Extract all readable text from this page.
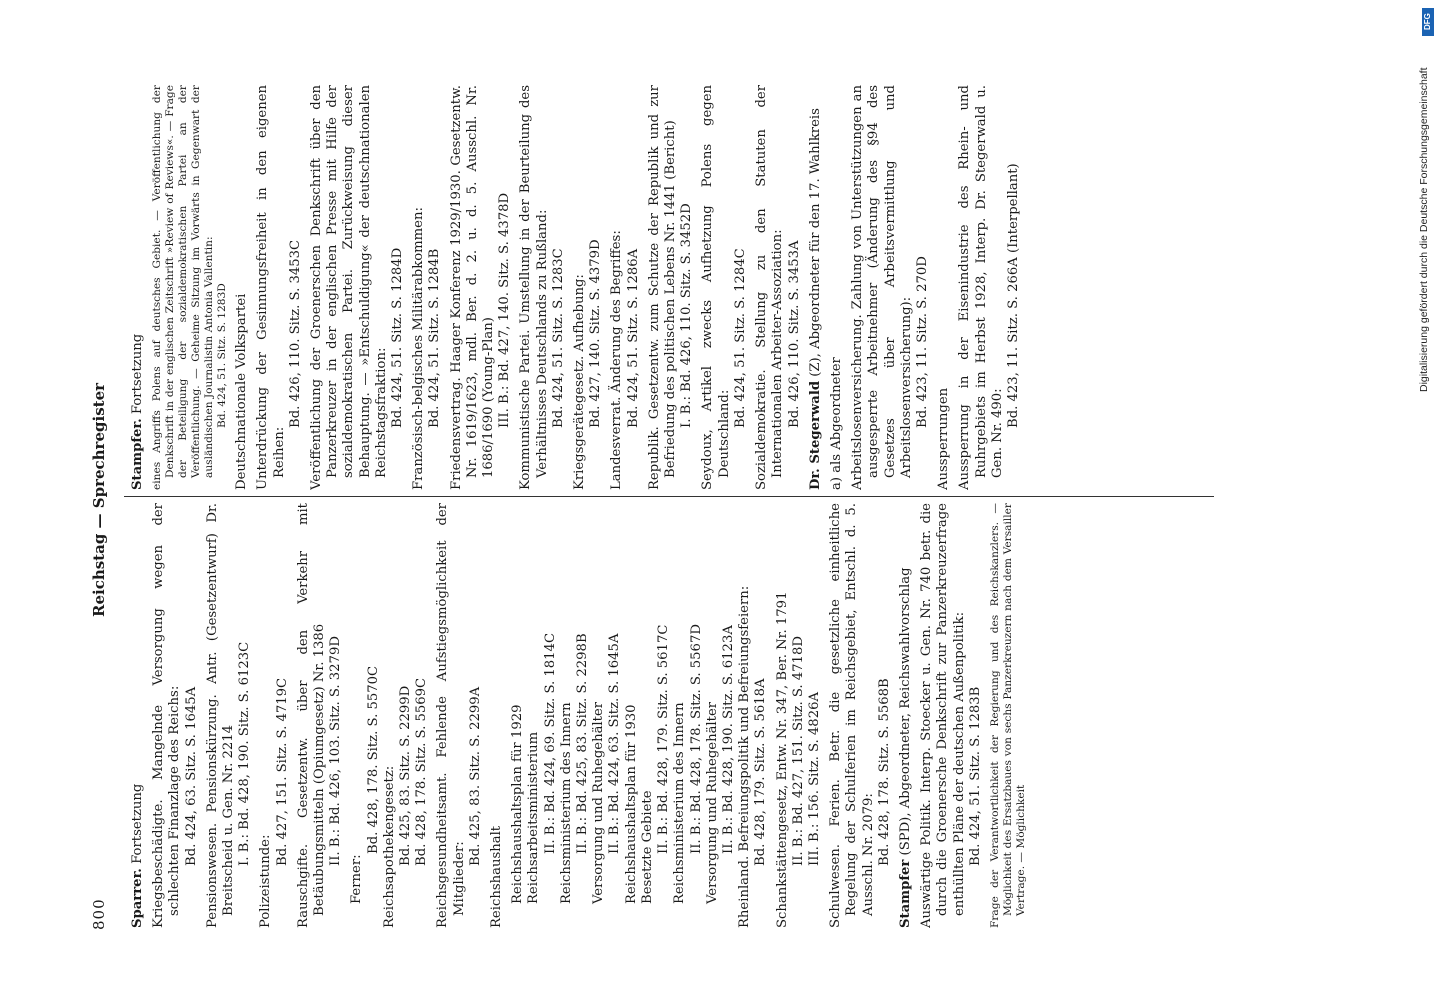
800
Reichstag — Sprechregister
Sparrer. Fortsetzung Kriegsbeschädigte. Mangelnde Versorgung wegen der schlechten Finanzlage des Reichs: Bd. 424, 63. Sitz. S. 1645A Pensionswesen. Pensionskürzung. Antr. (Gesetzentwurf) Dr. Breitscheid u. Gen. Nr. 2214 I. B.: Bd. 428, 190. Sitz. S. 6123C
Polizeistunde:
Bd. 427, 151. Sitz. S. 4719C Rauschgifte. Gesetzentw. über den Verkehr mit Betäubungsmitteln (Opiumgesetz) Nr. 1386 II. B.: Bd. 426, 103. Sitz. S. 3279D
Ferner:
Bd. 428, 178. Sitz. S. 5570C Reichsapothekengesetz: Bd. 425, 83. Sitz. S. 2299D Bd. 428, 178. Sitz. S. 5569C Reichsgesundheitsamt. Fehlende Aufstiegsmöglichkeit der Mitglieder:
Bd. 425, 83. Sitz. S. 2299A
Reichshaushalt Reichshaushaltsplan für 1929 Reichsarbeitsministerium II. B.: Bd. 424, 69. Sitz. S. 1814C Reichsministerium des Innern II. B.: Bd. 425, 83. Sitz. S. 2298B Versorgung und Ruhegehälter II. B.: Bd. 424, 63. Sitz. S. 1645A Reichshaushaltsplan für 1930 Besetzte Gebiete II. B.: Bd. 428, 179. Sitz. S. 5617C Reichsministerium des Innern II. B.: Bd. 428, 178. Sitz. S. 5567D Versorgung und Ruhegehälter II. B.: Bd. 428, 190. Sitz. S. 6123A Rheinland. Befreiungspolitik und Befreiungsfeiern: Bd. 428, 179. Sitz. S. 5618A Schankstättengesetz, Entw. Nr. 347, Ber. Nr. 1791 II. B.: Bd. 427, 151. Sitz. S. 4718D III. B.: 156. Sitz. S. 4826A Schulwesen. Ferien. Betr. die gesetzliche einheitliche Regelung der Schulferien im Reichsgebiet, Entschl. d. 5. Ausschl. Nr. 2079: Bd. 428, 178. Sitz. S. 5568B
Stampfer (SPD), Abgeordneter, Reichswahlvorschlag Auswärtige Politik. Interp. Stoecker u. Gen. Nr. 740 betr. die durch die Groenersche Denkschrift zur Panzerkreuzerfrage enthüllten Pläne der deutschen Außenpolitik: Bd. 424, 51. Sitz. S. 1283B Frage der Verantwortlichkeit der Regierung und des Reichskanzlers. — Möglichkeit des Ersatzbaues von sechs Panzerkreuzern nach dem Versailler Vertrage. — Möglichkeit
Stampfer. Fortsetzung eines Angriffs Polens auf deutsches Gebiet. — Veröffentlichung der Denkschrift in der englischen Zeitschrift »Review of Reviews«. — Frage der Beteiligung der sozialdemokratischen Partei an der Veröffentlichung. — Geheime Sitzung im Vorwärts in Gegenwart der ausländischen Journalistin Antonia Vallentin: Bd. 424, 51. Sitz. S. 1283D Deutschnationale Volkspartei Unterdrückung der Gesinnungsfreiheit in den eigenen Reihen:
Bd. 426, 110. Sitz. S. 3453C Veröffentlichung der Groenerschen Denkschrift über den Panzerkreuzer in der englischen Presse mit Hilfe der sozialdemokratischen Partei. Zurückweisung dieser Behauptung. — »Entschuldigung« der deutschnationalen Reichstagsfraktion: Bd. 424, 51. Sitz. S. 1284D Französisch-belgisches Militärabkommen: Bd. 424, 51. Sitz. S. 1284B Friedensvertrag. Haager Konferenz 1929/1930. Gesetzentw. Nr. 1619/1623, mdl. Ber. d. 2. u. d. 5. Ausschl. Nr. 1686/1690 (Young-Plan) III. B.: Bd. 427, 140. Sitz. S. 4378D Kommunistische Partei. Umstellung in der Beurteilung des Verhältnisses Deutschlands zu Rußland: Bd. 424, 51. Sitz. S. 1283C Kriegsgerätegesetz. Aufhebung: Bd. 427, 140. Sitz. S. 4379D Landesverrat. Änderung des Begriffes: Bd. 424, 51. Sitz. S. 1286A Republik. Gesetzentw. zum Schutze der Republik und zur Befriedung des politischen Lebens Nr. 1441 (Bericht) I. B.: Bd. 426, 110. Sitz. S. 3452D Seydoux, Artikel zwecks Aufhetzung Polens gegen Deutschland:
Bd. 424, 51. Sitz. S. 1284C Sozialdemokratie. Stellung zu den Statuten der Internationalen Arbeiter-Assoziation: Bd. 426, 110. Sitz. S. 3453A
Dr. Stegerwald (Z), Abgeordneter für den 17. Wahlkreis
a) als Abgeordneter Arbeitslosenversicherung. Zahlung von Unterstützungen an ausgesperrte Arbeitnehmer (Änderung des §94 des Gesetzes über Arbeitsvermittlung und Arbeitslosenversicherung): Bd. 423, 11. Sitz. S. 270D
Aussperrungen Aussperrung in der Eisenindustrie des Rhein- und Ruhrgebiets im Herbst 1928, Interp. Dr. Stegerwald u. Gen. Nr. 490:
Bd. 423, 11. Sitz. S. 266A (Interpellant)	Digitalisierung gefördert durch die Deutsche Forschungsgemeinschaft
DFG
